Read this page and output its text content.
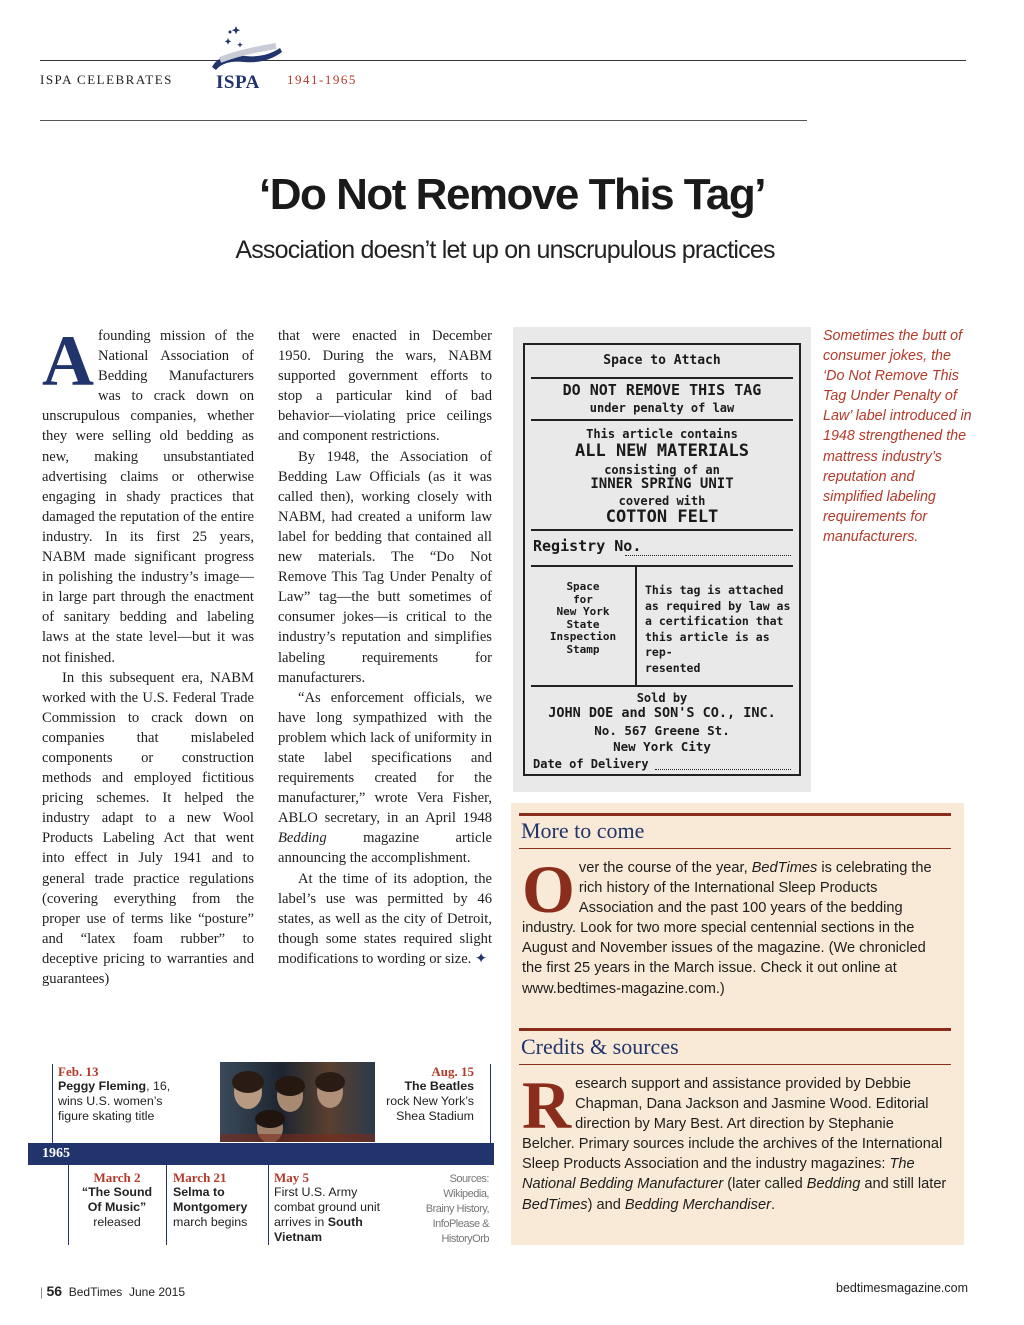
ISPA CELEBRATES ISPA 1941-1965
‘Do Not Remove This Tag’
Association doesn’t let up on unscrupulous practices

Afounding mission of the National Association of Bedding Manufacturers was to crack down on unscrupulous companies, whether they were selling old bedding as new, making unsubstantiated advertising claims or otherwise engaging in shady practices that damaged the reputation of the entire industry. In its first 25 years, NABM made significant progress in polishing the industry’s image—in large part through the enactment of sanitary bedding and labeling laws at the state level—but it was not finished.

In this subsequent era, NABM worked with the U.S. Federal Trade Commission to crack down on companies that mislabeled components or construction methods and employed fictitious pricing schemes. It helped the industry adapt to a new Wool Products Labeling Act that went into effect in July 1941 and to general trade practice regulations (covering everything from the proper use of terms like “posture” and “latex foam rubber” to deceptive pricing to warranties and guarantees)

that were enacted in December 1950. During the wars, NABM supported government efforts to stop a particular kind of bad behavior—violating price ceilings and component restrictions.

By 1948, the Association of Bedding Law Officials (as it was called then), working closely with NABM, had created a uniform law label for bedding that contained all new materials. The “Do Not Remove This Tag Under Penalty of Law” tag—the butt sometimes of consumer jokes—is critical to the industry’s reputation and simplifies labeling requirements for manufacturers.

“As enforcement officials, we have long sympathized with the problem which lack of uniformity in state label specifications and requirements created for the manufacturer,” wrote Vera Fisher, ABLO secretary, in an April 1948 Bedding magazine article announcing the accomplishment.

At the time of its adoption, the label’s use was permitted by 46 states, as well as the city of Detroit, though some states required slight modifications to wording or size. ✦

Space to Attach
DO NOT REMOVE THIS TAG
under penalty of law
This article contains
ALL NEW MATERIALS
consisting of an
INNER SPRING UNIT
covered with
COTTON FELT
Registry No.
Space
for
New York
State
Inspection
Stamp
This tag is attached
as required by law as
a certification that
this article is as rep-
resented
Sold by
JOHN DOE and SON'S CO., INC.
No. 567 Greene St.
New York City
Date of Delivery
Sometimes the butt of consumer jokes, the ‘Do Not Remove This Tag Under Penalty of Law’ label introduced in 1948 strengthened the mattress industry’s reputation and simplified labeling requirements for manufacturers.
More to come
Over the course of the year, BedTimes is celebrating the rich history of the International Sleep Products Association and the past 100 years of the bedding industry. Look for two more special centennial sections in the August and November issues of the magazine. (We chronicled the first 25 years in the March issue. Check it out online at www.bedtimes-magazine.com.)
Credits & sources
Research support and assistance provided by Debbie Chapman, Dana Jackson and Jasmine Wood. Editorial direction by Mary Best. Art direction by Stephanie Belcher. Primary sources include the archives of the International Sleep Products Association and the industry magazines: The National Bedding Manufacturer (later called Bedding and still later BedTimes) and Bedding Merchandiser.
Feb. 13
Peggy Fleming, 16,
wins U.S. women’s
figure skating title
Aug. 15
The Beatles
rock New York’s
Shea Stadium
1965
March 2
“The Sound
Of Music”
released
March 21
Selma to
Montgomery
march begins
May 5
First U.S. Army
combat ground unit
arrives in South
Vietnam
Sources:
Wikipedia,
Brainy History,
InfoPlease &
HistoryOrb
| 56 BedTimes June 2015	bedtimesmagazine.com
